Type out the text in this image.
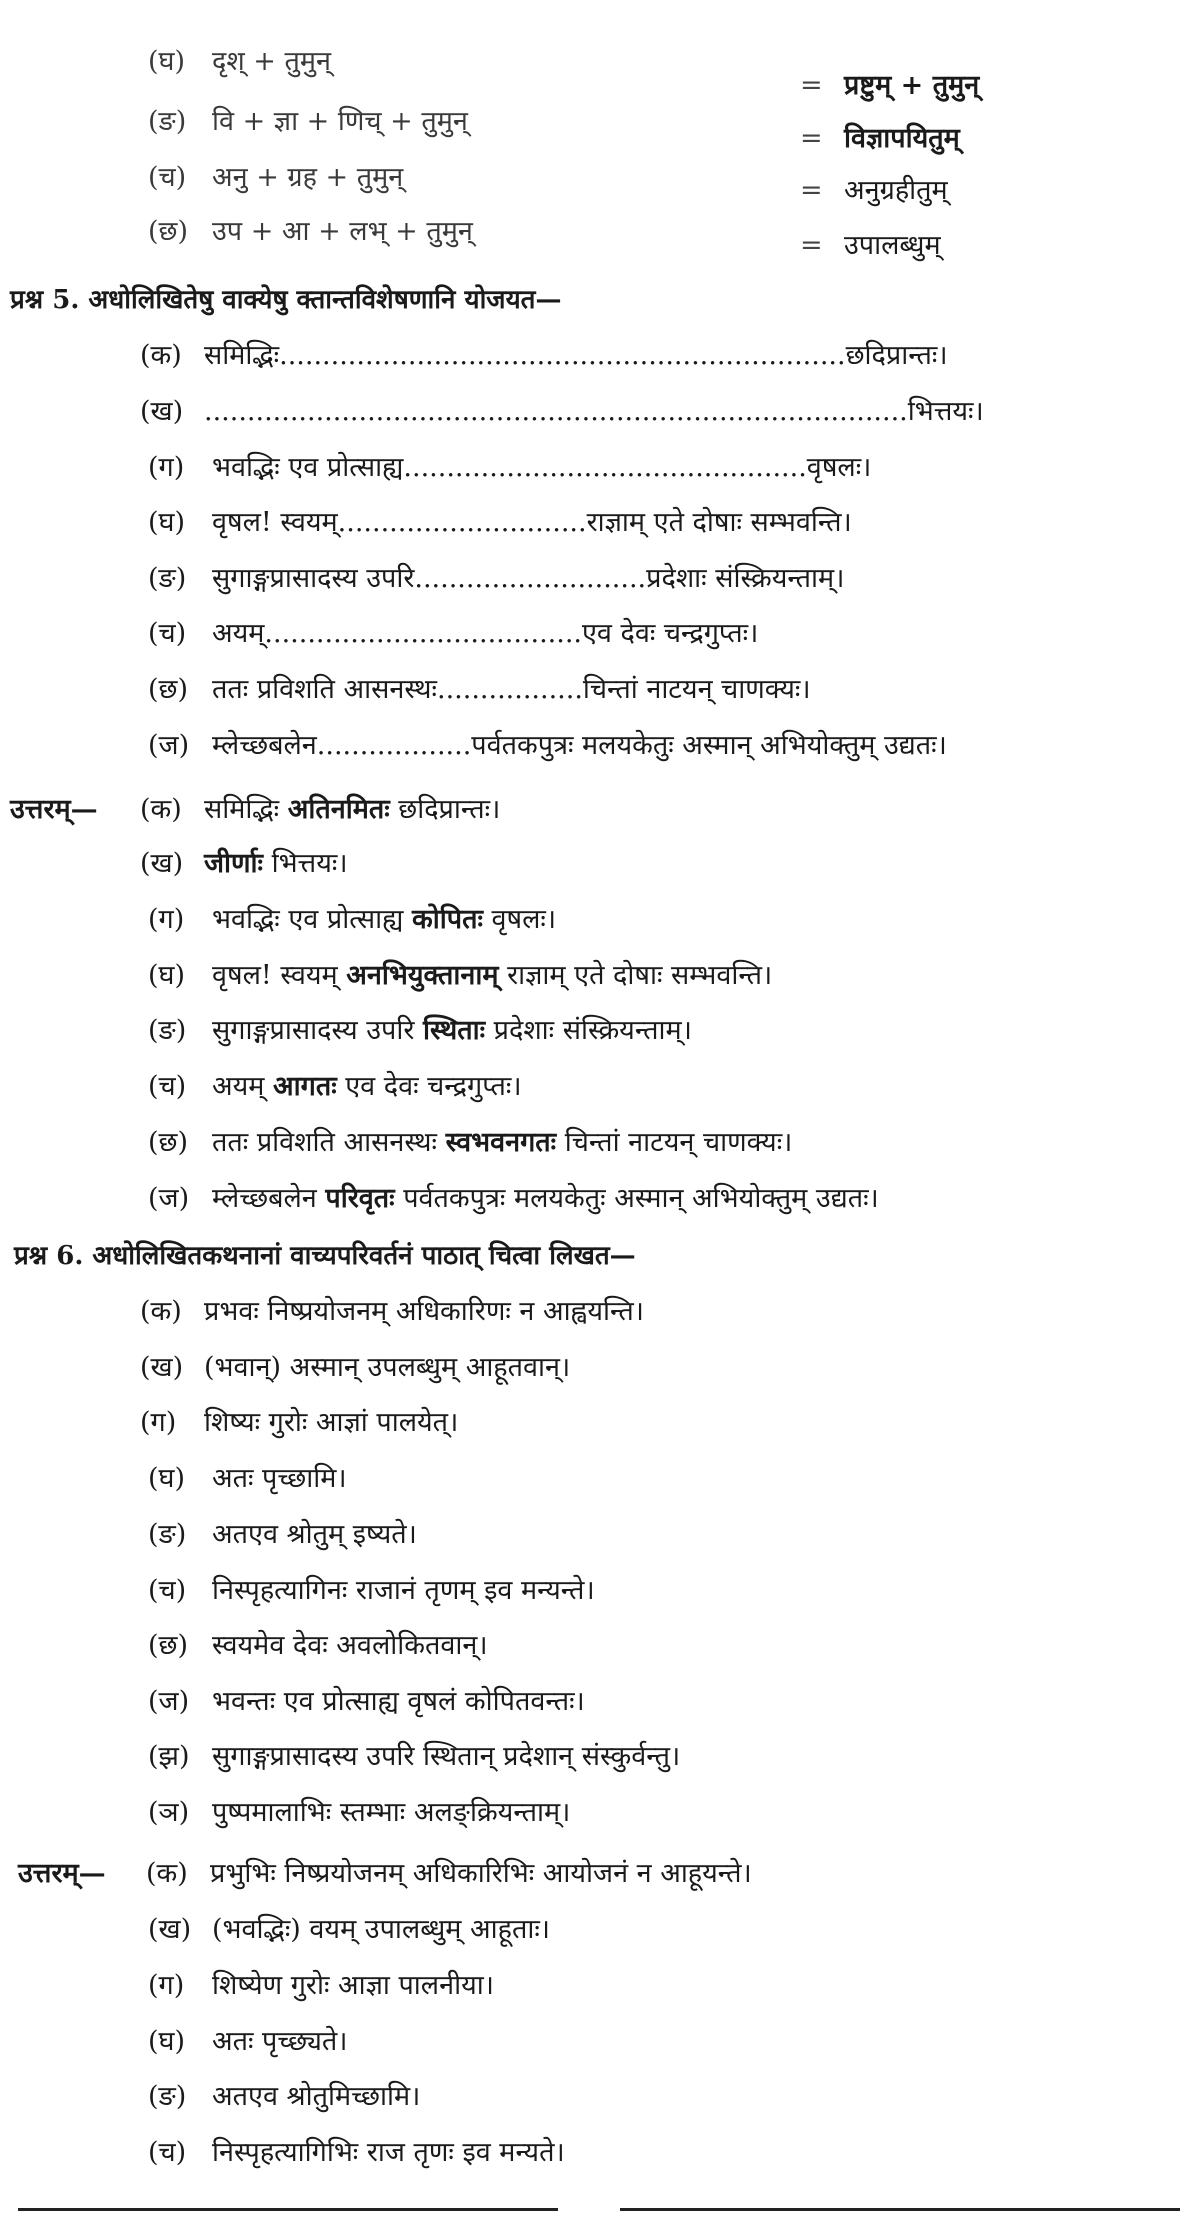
(घ) दृश् + तुमुन्
= प्रष्टुम् + तुमुन्
(ङ) वि + ज्ञा + णिच् + तुमुन्
= विज्ञापयितुम्
(च) अनु + ग्रह + तुमुन्	= अनुग्रहीतुम्
(छ) उप + आ + लभ् + तुमुन्	= उपालब्धुम्
प्रश्न 5. अधोलिखितेषु वाक्येषु क्तान्तविशेषणानि योजयत—
(क) समिद्भिः..................................................................छदिप्रान्तः।
(ख) ..................................................................................भित्तयः।
(ग) भवद्भिः एव प्रोत्साह्य...............................................वृषलः।
(घ) वृषल! स्वयम्.............................राज्ञाम् एते दोषाः सम्भवन्ति।
(ङ) सुगाङ्गप्रासादस्य उपरि...........................प्रदेशाः संस्क्रियन्ताम्।
(च) अयम्.....................................एव देवः चन्द्रगुप्तः।
(छ) ततः प्रविशति आसनस्थः.................चिन्तां नाटयन् चाणक्यः।
(ज) म्लेच्छबलेन..................पर्वतकपुत्रः मलयकेतुः अस्मान् अभियोक्तुम् उद्यतः।
उत्तरम्— (क) समिद्भिः अतिनमितः छदिप्रान्तः।
(ख) जीर्णाः भित्तयः।
(ग) भवद्भिः एव प्रोत्साह्य कोपितः वृषलः।
(घ) वृषल! स्वयम् अनभियुक्तानाम् राज्ञाम् एते दोषाः सम्भवन्ति।
(ङ) सुगाङ्गप्रासादस्य उपरि स्थिताः प्रदेशाः संस्क्रियन्ताम्।
(च) अयम् आगतः एव देवः चन्द्रगुप्तः।
(छ) ततः प्रविशति आसनस्थः स्वभवनगतः चिन्तां नाटयन् चाणक्यः।
(ज) म्लेच्छबलेन परिवृतः पर्वतकपुत्रः मलयकेतुः अस्मान् अभियोक्तुम् उद्यतः।
प्रश्न 6. अधोलिखितकथनानां वाच्यपरिवर्तनं पाठात् चित्वा लिखत—
(क) प्रभवः निष्प्रयोजनम् अधिकारिणः न आह्वयन्ति।
(ख) (भवान्) अस्मान् उपलब्धुम् आहूतवान्।
(ग) शिष्यः गुरोः आज्ञां पालयेत्।
(घ) अतः पृच्छामि।
(ङ) अतएव श्रोतुम् इष्यते।
(च) निस्पृहत्यागिनः राजानं तृणम् इव मन्यन्ते।
(छ) स्वयमेव देवः अवलोकितवान्।
(ज) भवन्तः एव प्रोत्साह्य वृषलं कोपितवन्तः।
(झ) सुगाङ्गप्रासादस्य उपरि स्थितान् प्रदेशान् संस्कुर्वन्तु।
(ञ) पुष्पमालाभिः स्तम्भाः अलङ्क्रियन्ताम्।
उत्तरम्— (क) प्रभुभिः निष्प्रयोजनम् अधिकारिभिः आयोजनं न आहूयन्ते।
(ख) (भवद्भिः) वयम् उपालब्धुम् आहूताः।
(ग) शिष्येण गुरोः आज्ञा पालनीया।
(घ) अतः पृच्छ्यते।
(ङ) अतएव श्रोतुमिच्छामि।
(च) निस्पृहत्यागिभिः राज तृणः इव मन्यते।
